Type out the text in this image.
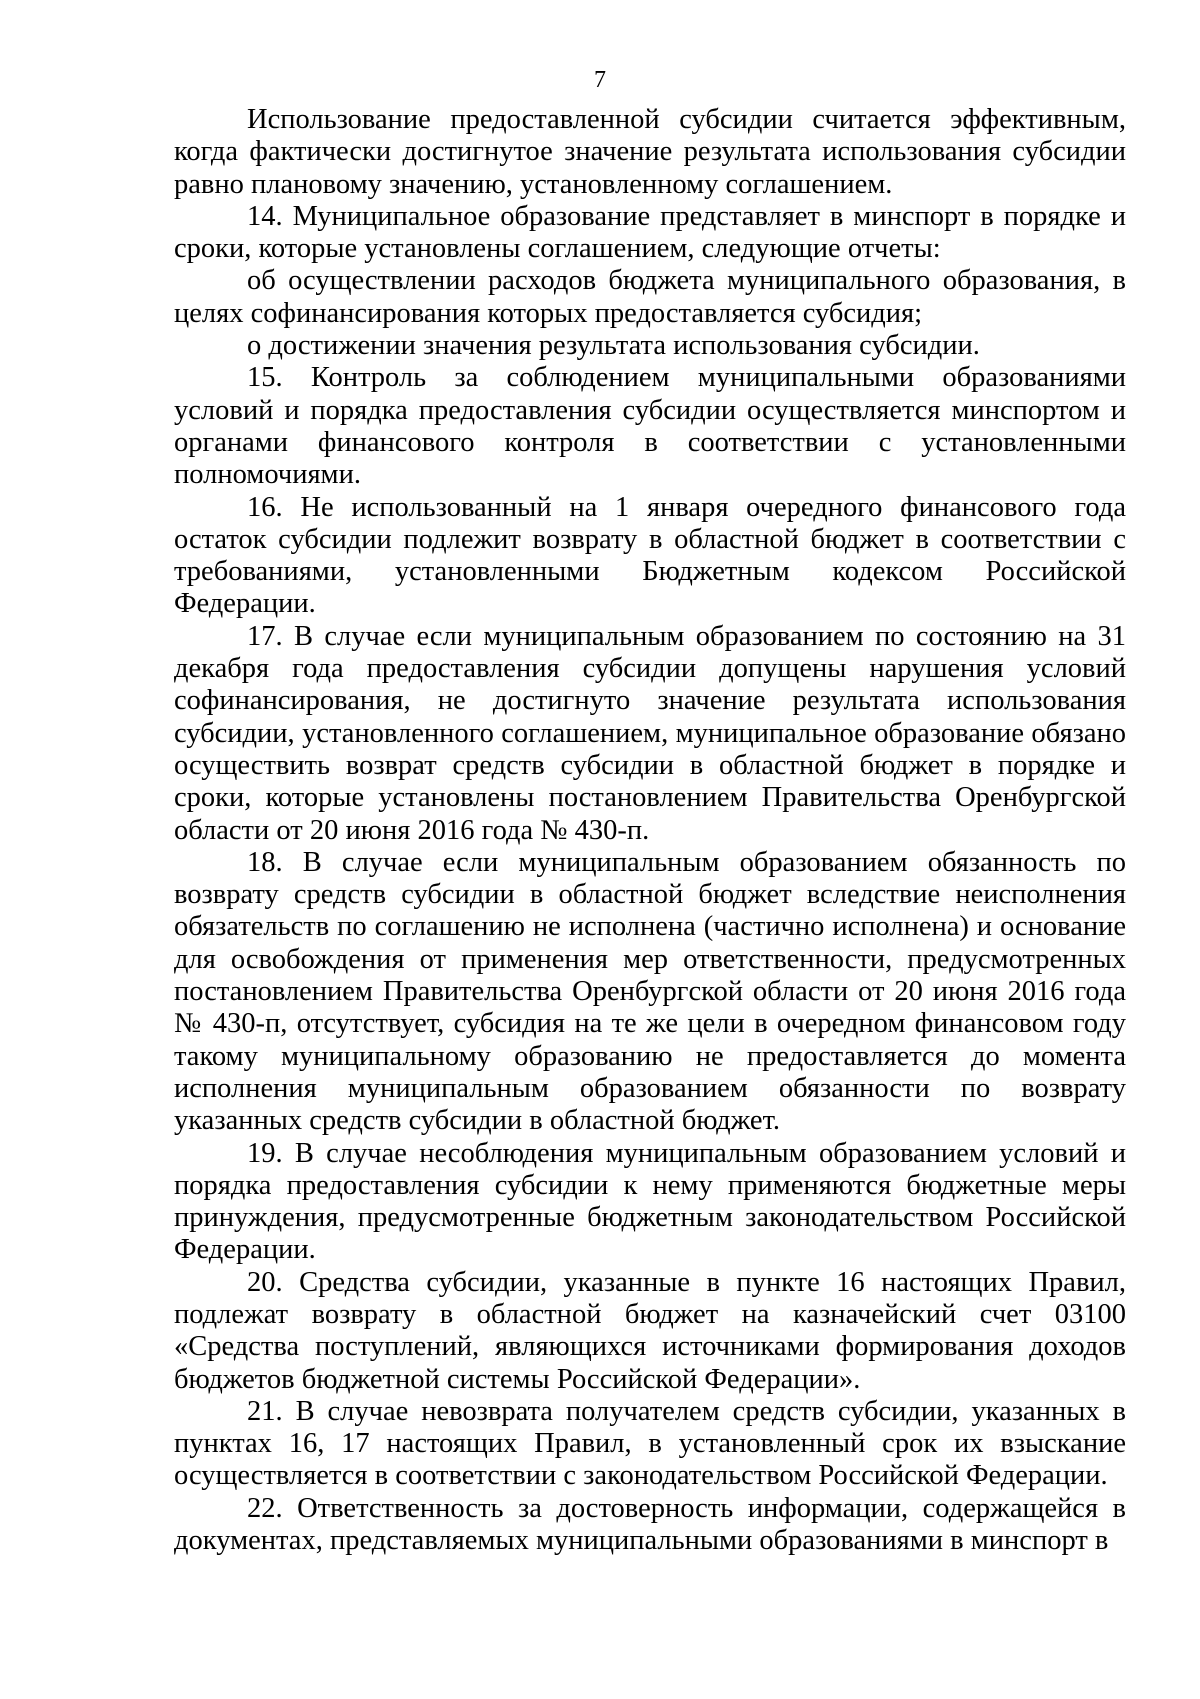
7

Использование предоставленной субсидии считается эффективным, когда фактически достигнутое значение результата использования субсидии равно плановому значению, установленному соглашением.

14. Муниципальное образование представляет в минспорт в порядке и сроки, которые установлены соглашением, следующие отчеты:

об осуществлении расходов бюджета муниципального образования, в целях софинансирования которых предоставляется субсидия;

о достижении значения результата использования субсидии.

15. Контроль за соблюдением муниципальными образованиями условий и порядка предоставления субсидии осуществляется минспортом и органами финансового контроля в соответствии с установленными полномочиями.

16. Не использованный на 1 января очередного финансового года остаток субсидии подлежит возврату в областной бюджет в соответствии с требованиями, установленными Бюджетным кодексом Российской Федерации.

17. В случае если муниципальным образованием по состоянию на 31 декабря года предоставления субсидии допущены нарушения условий софинансирования, не достигнуто значение результата использования субсидии, установленного соглашением, муниципальное образование обязано осуществить возврат средств субсидии в областной бюджет в порядке и сроки, которые установлены постановлением Правительства Оренбургской области от 20 июня 2016 года № 430-п.

18. В случае если муниципальным образованием обязанность по возврату средств субсидии в областной бюджет вследствие неисполнения обязательств по соглашению не исполнена (частично исполнена) и основание для освобождения от применения мер ответственности, предусмотренных постановлением Правительства Оренбургской области от 20 июня 2016 года № 430-п, отсутствует, субсидия на те же цели в очередном финансовом году такому муниципальному образованию не предоставляется до момента исполнения муниципальным образованием обязанности по возврату указанных средств субсидии в областной бюджет.

19. В случае несоблюдения муниципальным образованием условий и порядка предоставления субсидии к нему применяются бюджетные меры принуждения, предусмотренные бюджетным законодательством Российской Федерации.

20. Средства субсидии, указанные в пункте 16 настоящих Правил, подлежат возврату в областной бюджет на казначейский счет 03100 «Средства поступлений, являющихся источниками формирования доходов бюджетов бюджетной системы Российской Федерации».

21. В случае невозврата получателем средств субсидии, указанных в пунктах 16, 17 настоящих Правил, в установленный срок их взыскание осуществляется в соответствии с законодательством Российской Федерации.

22. Ответственность за достоверность информации, содержащейся в документах, представляемых муниципальными образованиями в минспорт в
